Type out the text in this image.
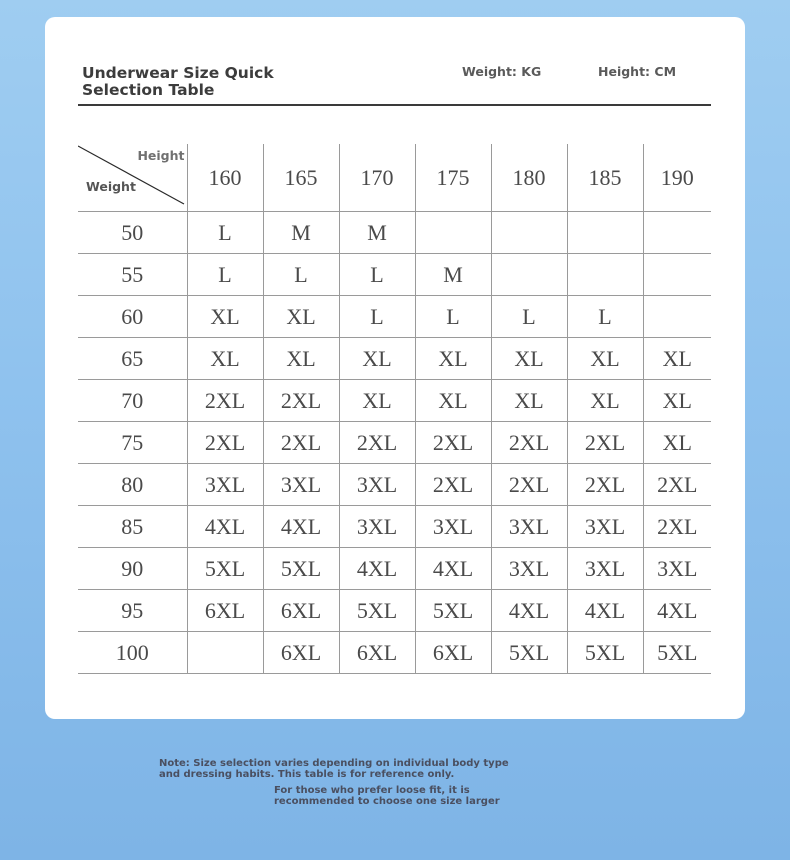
Underwear Size Quick
Selection Table
Weight: KG	Height: CM
Height
Weight	160	165	170	175	180	185	190
50	L	M	M				
55	L	L	L	M			
60	XL	XL	L	L	L	L	
65	XL	XL	XL	XL	XL	XL	XL
70	2XL	2XL	XL	XL	XL	XL	XL
75	2XL	2XL	2XL	2XL	2XL	2XL	XL
80	3XL	3XL	3XL	2XL	2XL	2XL	2XL
85	4XL	4XL	3XL	3XL	3XL	3XL	2XL
90	5XL	5XL	4XL	4XL	3XL	3XL	3XL
95	6XL	6XL	5XL	5XL	4XL	4XL	4XL
100		6XL	6XL	6XL	5XL	5XL	5XL
Note: Size selection varies depending on individual body type
and dressing habits. This table is for reference only.
For those who prefer loose fit, it is
recommended to choose one size larger
